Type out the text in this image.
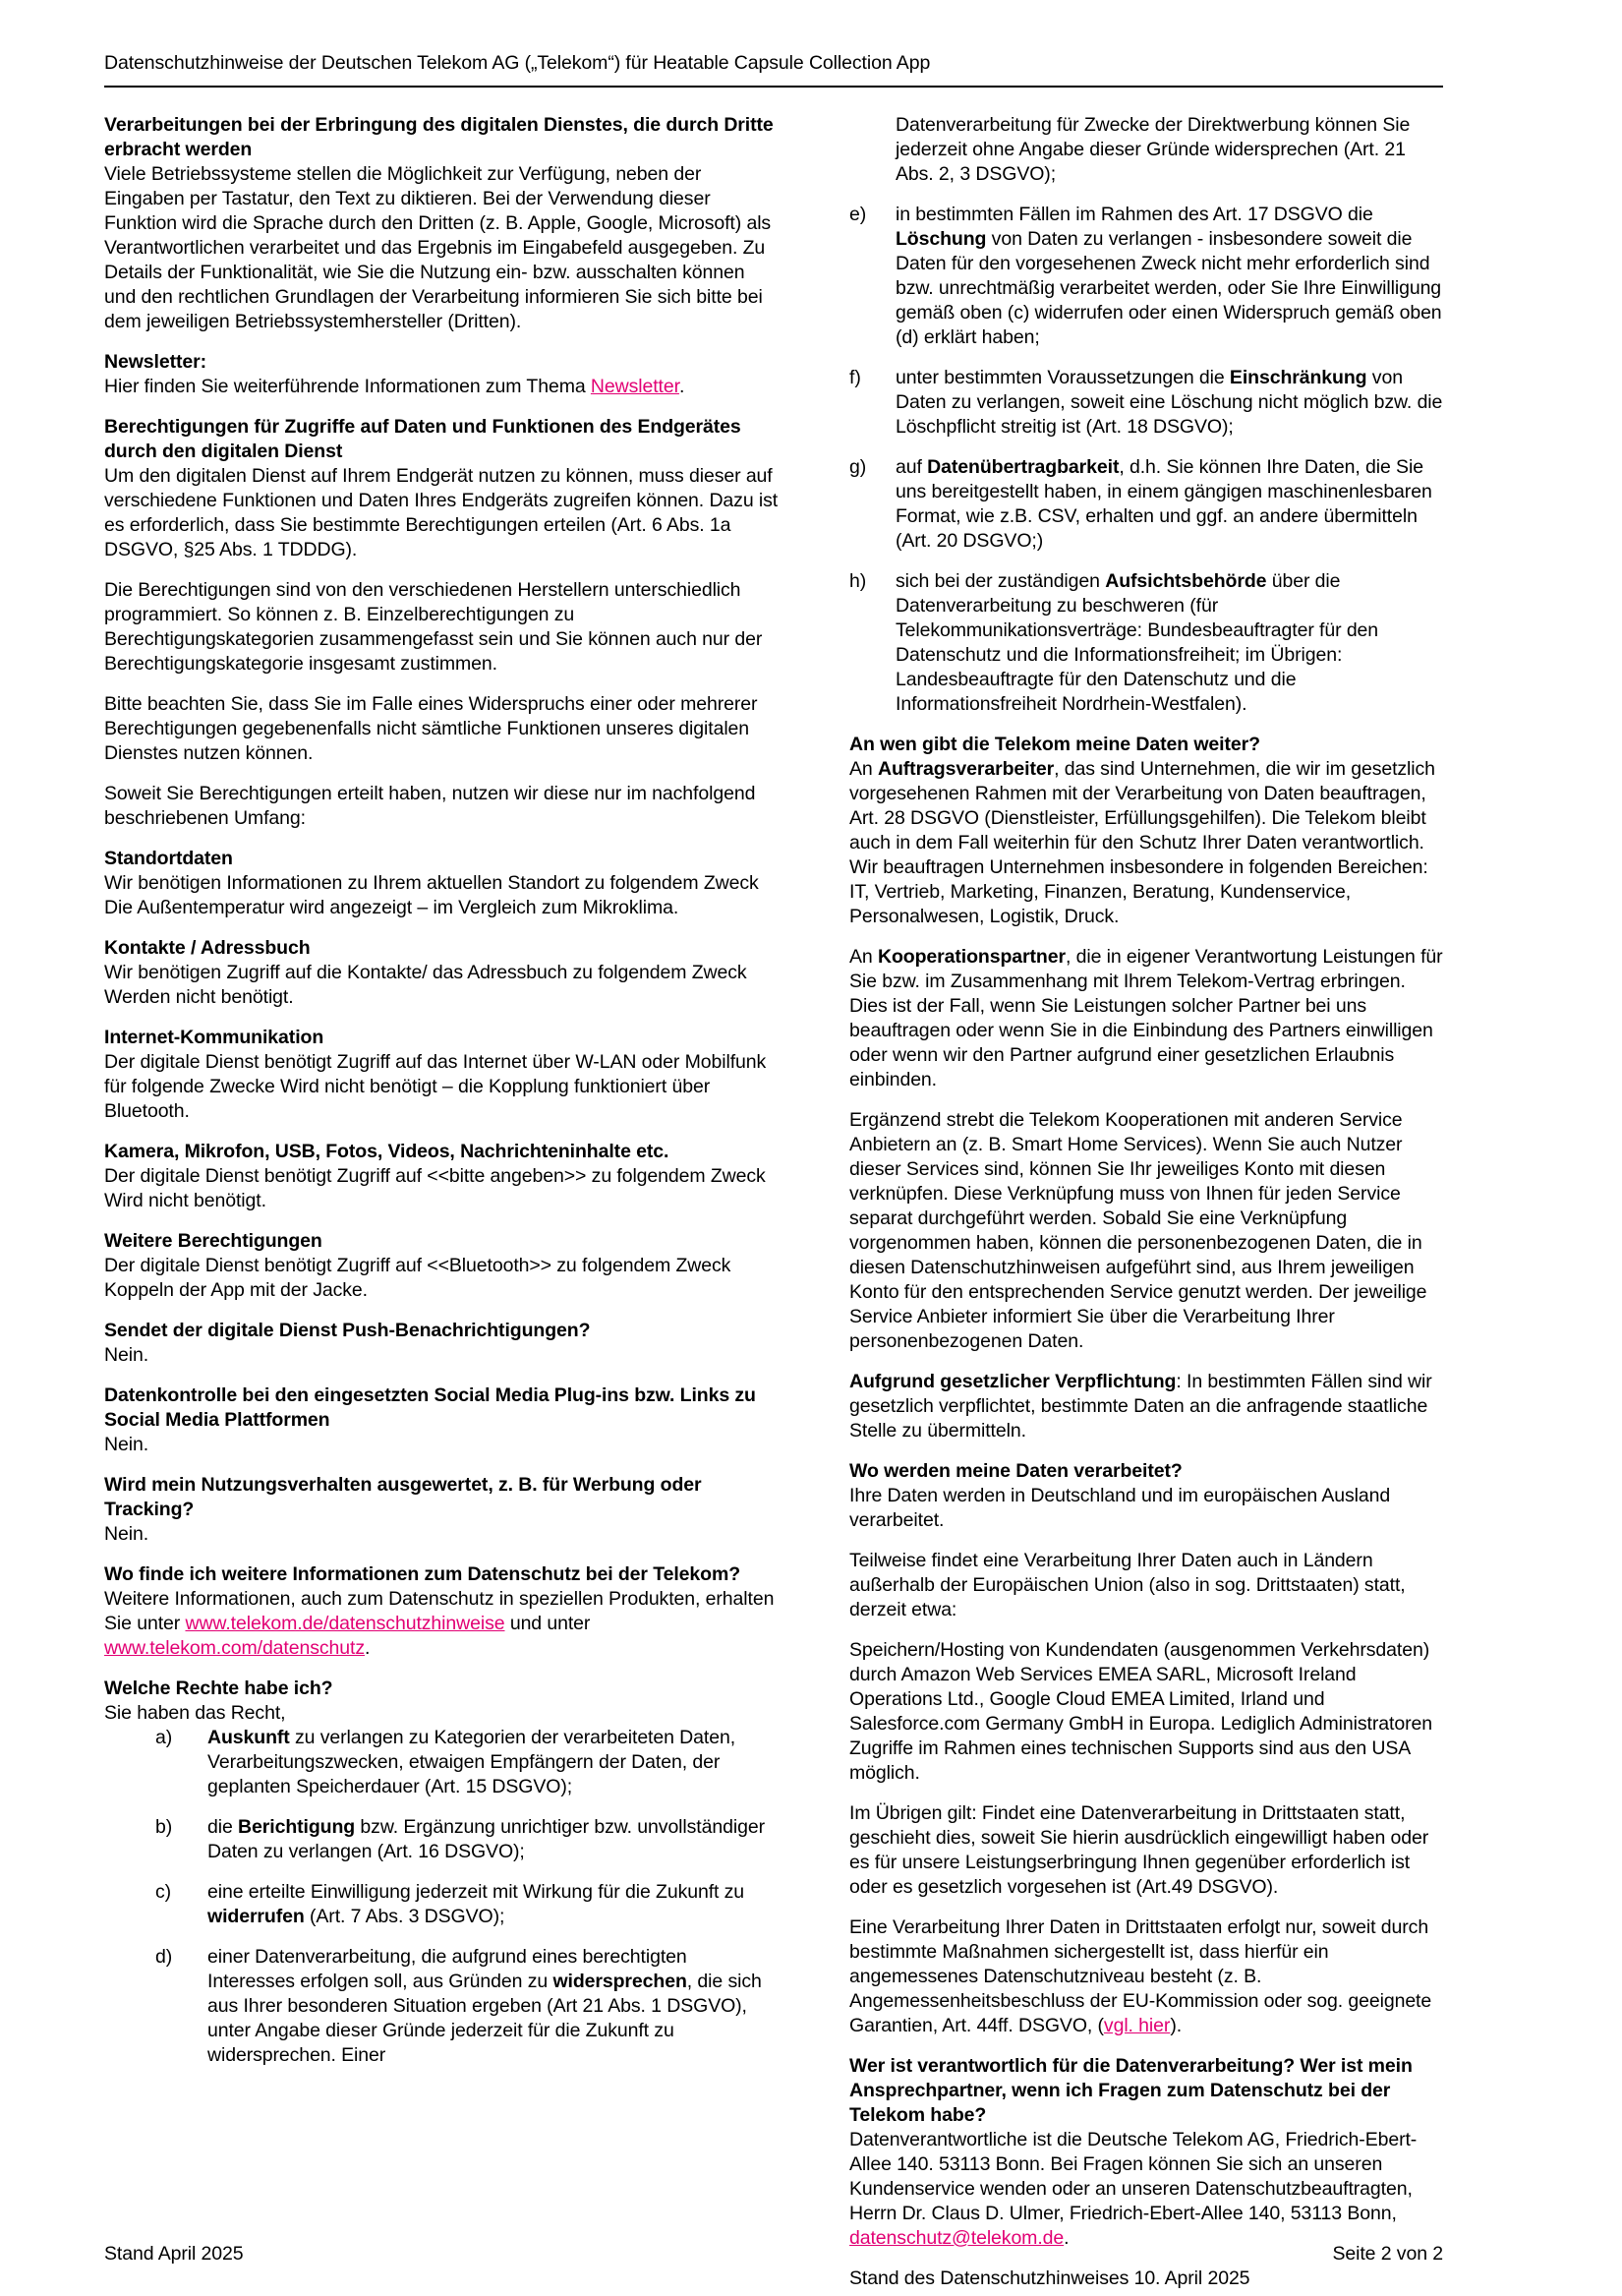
Datenschutzhinweise der Deutschen Telekom AG („Telekom“) für Heatable Capsule Collection App
Verarbeitungen bei der Erbringung des digitalen Dienstes, die durch Dritte erbracht werden
Viele Betriebssysteme stellen die Möglichkeit zur Verfügung, neben der Eingaben per Tastatur, den Text zu diktieren. Bei der Verwendung dieser Funktion wird die Sprache durch den Dritten (z. B. Apple, Google, Microsoft) als Verantwortlichen verarbeitet und das Ergebnis im Eingabefeld ausgegeben. Zu Details der Funktionalität, wie Sie die Nutzung ein- bzw. ausschalten können und den rechtlichen Grundlagen der Verarbeitung informieren Sie sich bitte bei dem jeweiligen Betriebssystemhersteller (Dritten).
Newsletter:
Hier finden Sie weiterführende Informationen zum Thema Newsletter.
Berechtigungen für Zugriffe auf Daten und Funktionen des Endgerätes durch den digitalen Dienst
Um den digitalen Dienst auf Ihrem Endgerät nutzen zu können, muss dieser auf verschiedene Funktionen und Daten Ihres Endgeräts zugreifen können. Dazu ist es erforderlich, dass Sie bestimmte Berechtigungen erteilen (Art. 6 Abs. 1a DSGVO, §25 Abs. 1 TDDDG).
Die Berechtigungen sind von den verschiedenen Herstellern unterschiedlich programmiert. So können z. B. Einzelberechtigungen zu Berechtigungskategorien zusammengefasst sein und Sie können auch nur der Berechtigungskategorie insgesamt zustimmen.
Bitte beachten Sie, dass Sie im Falle eines Widerspruchs einer oder mehrerer Berechtigungen gegebenenfalls nicht sämtliche Funktionen unseres digitalen Dienstes nutzen können.
Soweit Sie Berechtigungen erteilt haben, nutzen wir diese nur im nachfolgend beschriebenen Umfang:
Standortdaten
Wir benötigen Informationen zu Ihrem aktuellen Standort zu folgendem Zweck Die Außentemperatur wird angezeigt – im Vergleich zum Mikroklima.
Kontakte / Adressbuch
Wir benötigen Zugriff auf die Kontakte/ das Adressbuch zu folgendem Zweck Werden nicht benötigt.
Internet-Kommunikation
Der digitale Dienst benötigt Zugriff auf das Internet über W-LAN oder Mobilfunk für folgende Zwecke Wird nicht benötigt – die Kopplung funktioniert über Bluetooth.
Kamera, Mikrofon, USB, Fotos, Videos, Nachrichteninhalte etc.
Der digitale Dienst benötigt Zugriff auf <<bitte angeben>> zu folgendem Zweck Wird nicht benötigt.
Weitere Berechtigungen
Der digitale Dienst benötigt Zugriff auf <<Bluetooth>> zu folgendem Zweck Koppeln der App mit der Jacke.
Sendet der digitale Dienst Push-Benachrichtigungen?
Nein.
Datenkontrolle bei den eingesetzten Social Media Plug-ins bzw. Links zu Social Media Plattformen
Nein.
Wird mein Nutzungsverhalten ausgewertet, z. B. für Werbung oder Tracking?
Nein.
Wo finde ich weitere Informationen zum Datenschutz bei der Telekom?
Weitere Informationen, auch zum Datenschutz in speziellen Produkten, erhalten Sie unter www.telekom.de/datenschutzhinweise und unter www.telekom.com/datenschutz.
Welche Rechte habe ich?
Sie haben das Recht,
a)	Auskunft zu verlangen zu Kategorien der verarbeiteten Daten, Verarbeitungszwecken, etwaigen Empfängern der Daten, der geplanten Speicherdauer (Art. 15 DSGVO);
b)	die Berichtigung bzw. Ergänzung unrichtiger bzw. unvollständiger Daten zu verlangen (Art. 16 DSGVO);
c)	eine erteilte Einwilligung jederzeit mit Wirkung für die Zukunft zu widerrufen (Art. 7 Abs. 3 DSGVO);
d)	einer Datenverarbeitung, die aufgrund eines berechtigten Interesses erfolgen soll, aus Gründen zu widersprechen, die sich aus Ihrer besonderen Situation ergeben (Art 21 Abs. 1 DSGVO), unter Angabe dieser Gründe jederzeit für die Zukunft zu widersprechen. Einer
Datenverarbeitung für Zwecke der Direktwerbung können Sie jederzeit ohne Angabe dieser Gründe widersprechen (Art. 21 Abs. 2, 3 DSGVO);
e)	in bestimmten Fällen im Rahmen des Art. 17 DSGVO die Löschung von Daten zu verlangen - insbesondere soweit die Daten für den vorgesehenen Zweck nicht mehr erforderlich sind bzw. unrechtmäßig verarbeitet werden, oder Sie Ihre Einwilligung gemäß oben (c) widerrufen oder einen Widerspruch gemäß oben (d) erklärt haben;
f)	unter bestimmten Voraussetzungen die Einschränkung von Daten zu verlangen, soweit eine Löschung nicht möglich bzw. die Löschpflicht streitig ist (Art. 18 DSGVO);
g)	auf Datenübertragbarkeit, d.h. Sie können Ihre Daten, die Sie uns bereitgestellt haben, in einem gängigen maschinenlesbaren Format, wie z.B. CSV, erhalten und ggf. an andere übermitteln (Art. 20 DSGVO;)
h)	sich bei der zuständigen Aufsichtsbehörde über die Datenverarbeitung zu beschweren (für Telekommunikationsverträge: Bundesbeauftragter für den Datenschutz und die Informationsfreiheit; im Übrigen: Landesbeauftragte für den Datenschutz und die Informationsfreiheit Nordrhein-Westfalen).
An wen gibt die Telekom meine Daten weiter?
An Auftragsverarbeiter, das sind Unternehmen, die wir im gesetzlich vorgesehenen Rahmen mit der Verarbeitung von Daten beauftragen, Art. 28 DSGVO (Dienstleister, Erfüllungsgehilfen). Die Telekom bleibt auch in dem Fall weiterhin für den Schutz Ihrer Daten verantwortlich. Wir beauftragen Unternehmen insbesondere in folgenden Bereichen: IT, Vertrieb, Marketing, Finanzen, Beratung, Kundenservice, Personalwesen, Logistik, Druck.
An Kooperationspartner, die in eigener Verantwortung Leistungen für Sie bzw. im Zusammenhang mit Ihrem Telekom-Vertrag erbringen. Dies ist der Fall, wenn Sie Leistungen solcher Partner bei uns beauftragen oder wenn Sie in die Einbindung des Partners einwilligen oder wenn wir den Partner aufgrund einer gesetzlichen Erlaubnis einbinden.
Ergänzend strebt die Telekom Kooperationen mit anderen Service Anbietern an (z. B. Smart Home Services). Wenn Sie auch Nutzer dieser Services sind, können Sie Ihr jeweiliges Konto mit diesen verknüpfen. Diese Verknüpfung muss von Ihnen für jeden Service separat durchgeführt werden. Sobald Sie eine Verknüpfung vorgenommen haben, können die personenbezogenen Daten, die in diesen Datenschutzhinweisen aufgeführt sind, aus Ihrem jeweiligen Konto für den entsprechenden Service genutzt werden. Der jeweilige Service Anbieter informiert Sie über die Verarbeitung Ihrer personenbezogenen Daten.
Aufgrund gesetzlicher Verpflichtung: In bestimmten Fällen sind wir gesetzlich verpflichtet, bestimmte Daten an die anfragende staatliche Stelle zu übermitteln.
Wo werden meine Daten verarbeitet?
Ihre Daten werden in Deutschland und im europäischen Ausland verarbeitet.
Teilweise findet eine Verarbeitung Ihrer Daten auch in Ländern außerhalb der Europäischen Union (also in sog. Drittstaaten) statt, derzeit etwa:
Speichern/Hosting von Kundendaten (ausgenommen Verkehrsdaten) durch Amazon Web Services EMEA SARL, Microsoft Ireland Operations Ltd., Google Cloud EMEA Limited, Irland und Salesforce.com Germany GmbH in Europa. Lediglich Administratoren Zugriffe im Rahmen eines technischen Supports sind aus den USA möglich.
Im Übrigen gilt: Findet eine Datenverarbeitung in Drittstaaten statt, geschieht dies, soweit Sie hierin ausdrücklich eingewilligt haben oder es für unsere Leistungserbringung Ihnen gegenüber erforderlich ist oder es gesetzlich vorgesehen ist (Art.49 DSGVO).
Eine Verarbeitung Ihrer Daten in Drittstaaten erfolgt nur, soweit durch bestimmte Maßnahmen sichergestellt ist, dass hierfür ein angemessenes Datenschutzniveau besteht (z. B. Angemessenheitsbeschluss der EU-Kommission oder sog. geeignete Garantien, Art. 44ff. DSGVO, (vgl. hier).
Wer ist verantwortlich für die Datenverarbeitung? Wer ist mein Ansprechpartner, wenn ich Fragen zum Datenschutz bei der Telekom habe?
Datenverantwortliche ist die Deutsche Telekom AG, Friedrich-Ebert-Allee 140. 53113 Bonn. Bei Fragen können Sie sich an unseren Kundenservice wenden oder an unseren Datenschutzbeauftragten, Herrn Dr. Claus D. Ulmer, Friedrich-Ebert-Allee 140, 53113 Bonn, datenschutz@telekom.de.
Stand des Datenschutzhinweises 10. April 2025
Stand April 2025	Seite 2 von 2
